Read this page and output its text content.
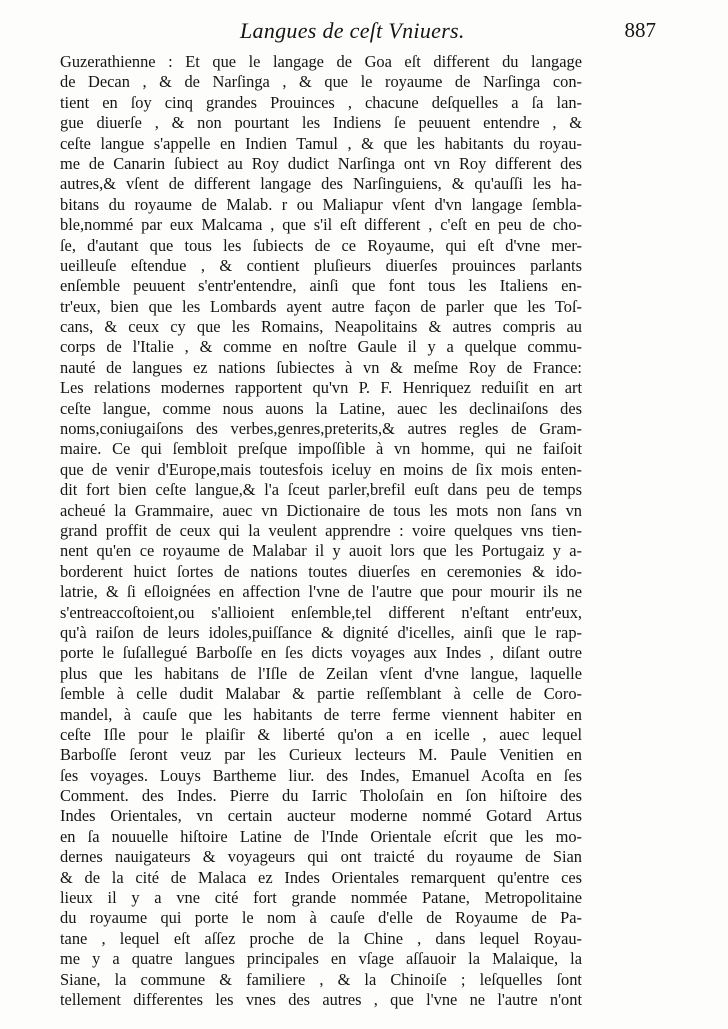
Langues de ceſt Vniuers.	887
Guzerathienne : Et que le langage de Goa eſt different du langage
de Decan , & de Narſinga , & que le royaume de Narſinga con-
tient en ſoy cinq grandes Prouinces , chacune deſquelles a ſa lan-
gue diuerſe , & non pourtant les Indiens ſe peuuent entendre , &
ceſte langue s'appelle en Indien Tamul , & que les habitants du royau-
me de Canarin ſubiect au Roy dudict Narſinga ont vn Roy different des
autres,& vſent de different langage des Narſinguiens, & qu'auſſi les ha-
bitans du royaume de Malab. r ou Maliapur vſent d'vn langage ſembla-
ble,nommé par eux Malcama , que s'il eſt different , c'eſt en peu de cho-
ſe, d'autant que tous les ſubiects de ce Royaume, qui eſt d'vne mer-
ueilleuſe eſtendue , & contient pluſieurs diuerſes prouinces parlants
enſemble peuuent s'entr'entendre, ainſi que font tous les Italiens en-
tr'eux, bien que les Lombards ayent autre façon de parler que les Toſ-
cans, & ceux cy que les Romains, Neapolitains & autres compris au
corps de l'Italie , & comme en noſtre Gaule il y a quelque commu-
nauté de langues ez nations ſubiectes à vn & meſme Roy de France:
Les relations modernes rapportent qu'vn P. F. Henriquez reduiſit en art
ceſte langue, comme nous auons la Latine, auec les declinaiſons des
noms,coniugaiſons des verbes,genres,preterits,& autres regles de Gram-
maire. Ce qui ſembloit preſque impoſſible à vn homme, qui ne faiſoit
que de venir d'Europe,mais toutesfois iceluy en moins de ſix mois enten-
dit fort bien ceſte langue,& l'a ſceut parler,brefil euſt dans peu de temps
acheué la Grammaire, auec vn Dictionaire de tous les mots non ſans vn
grand proffit de ceux qui la veulent apprendre : voire quelques vns tien-
nent qu'en ce royaume de Malabar il y auoit lors que les Portugaiz y a-
borderent huict ſortes de nations toutes diuerſes en ceremonies & ido-
latrie, & ſi eſloignées en affection l'vne de l'autre que pour mourir ils ne
s'entreaccoſtoient,ou s'allioient enſemble,tel different n'eſtant entr'eux,
qu'à raiſon de leurs idoles,puiſſance & dignité d'icelles, ainſi que le rap-
porte le ſuſallegué Barboſſe en ſes dicts voyages aux Indes , diſant outre
plus que les habitans de l'Iſle de Zeilan vſent d'vne langue, laquelle
ſemble à celle dudit Malabar & partie reſſemblant à celle de Coro-
mandel, à cauſe que les habitants de terre ferme viennent habiter en
ceſte Iſle pour le plaiſir & liberté qu'on a en icelle , auec lequel
Barboſſe ſeront veuz par les Curieux lecteurs M. Paule Venitien en
ſes voyages. Louys Bartheme liur. des Indes, Emanuel Acoſta en ſes
Comment. des Indes. Pierre du Iarric Tholoſain en ſon hiſtoire des
Indes Orientales, vn certain aucteur moderne nommé Gotard Artus
en ſa nouuelle hiſtoire Latine de l'Inde Orientale eſcrit que les mo-
dernes nauigateurs & voyageurs qui ont traicté du royaume de Sian
& de la cité de Malaca ez Indes Orientales remarquent qu'entre ces
lieux il y a vne cité fort grande nommée Patane, Metropolitaine
du royaume qui porte le nom à cauſe d'elle de Royaume de Pa-
tane , lequel eſt aſſez proche de la Chine , dans lequel Royau-
me y a quatre langues principales en vſage aſſauoir la Malaique, la
Siane, la commune & familiere , & la Chinoiſe ; leſquelles ſont
tellement differentes les vnes des autres , que l'vne ne l'autre n'ont
